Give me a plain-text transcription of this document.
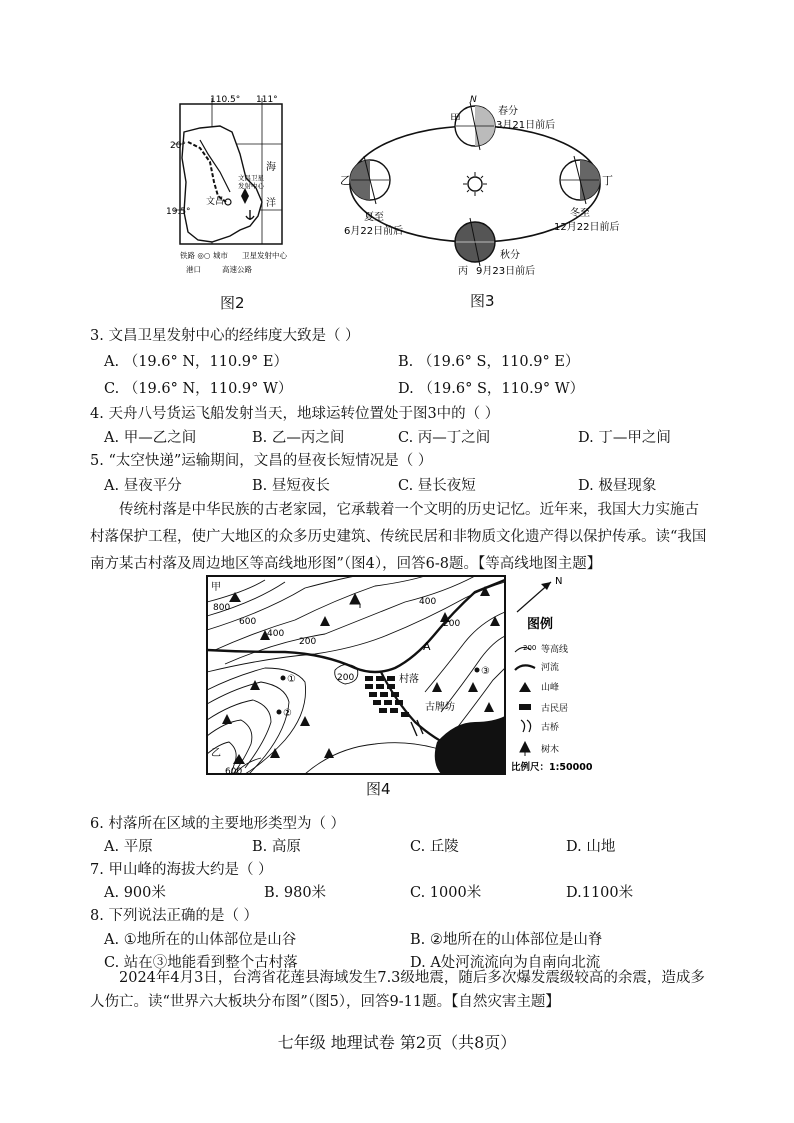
110.5° 111°
20°
19.5°
海
洋
文昌
文昌卫星
发射中心
铁路 ◎○ 城市 卫星发射中心
港口	高速公路
图2
N
甲
春分
3月21日前后
乙
夏至
6月22日前后
丁
冬至
12月22日前后
秋分
丙 9月23日前后
图3
3. 文昌卫星发射中心的经纬度大致是（ ）
A. （19.6° N，110.9° E）	B. （19.6° S，110.9° E）
C. （19.6° N，110.9° W）	D. （19.6° S，110.9° W）
4. 天舟八号货运飞船发射当天，地球运转位置处于图3中的（ ）
A. 甲—乙之间	B. 乙—丙之间	C. 丙—丁之间	D. 丁—甲之间
5. “太空快递”运输期间，文昌的昼夜长短情况是（ ）
A. 昼夜平分	B. 昼短夜长	C. 昼长夜短	D. 极昼现象
　　传统村落是中华民族的古老家园，它承载着一个文明的历史记忆。近年来，我国大力实施古村落保护工程，使广大地区的众多历史建筑、传统民居和非物质文化遗产得以保护传承。读“我国南方某古村落及周边地区等高线地形图”（图4），回答6-8题。【等高线地图主题】
甲
800
600
400
200
400
200
200
600
乙
A
①
②
③
村落
古牌坊
N
图例
200 等高线
河流
山峰
古民居
古桥
树木
比例尺：1:50000
图4
6. 村落所在区域的主要地形类型为（ ）
A. 平原	B. 高原	C. 丘陵	D. 山地
7. 甲山峰的海拔大约是（ ）
A. 900米	B. 980米	C. 1000米	D.1100米
8. 下列说法正确的是（ ）
A. ①地所在的山体部位是山谷	B. ②地所在的山体部位是山脊
C. 站在③地能看到整个古村落	D. A处河流流向为自南向北流
　　2024年4月3日，台湾省花莲县海域发生7.3级地震，随后多次爆发震级较高的余震，造成多人伤亡。读“世界六大板块分布图”（图5），回答9-11题。【自然灾害主题】
七年级 地理试卷 第2页（共8页）
